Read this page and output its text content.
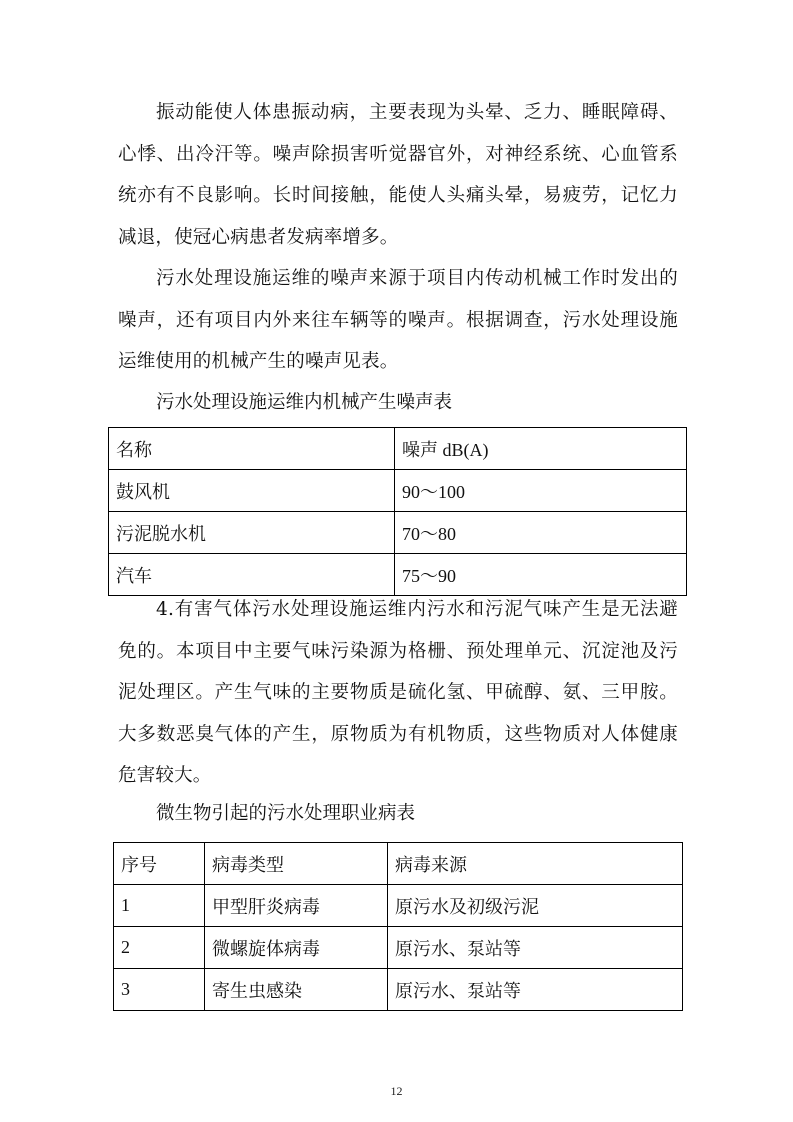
振动能使人体患振动病，主要表现为头晕、乏力、睡眠障碍、心悸、出冷汗等。噪声除损害听觉器官外，对神经系统、心血管系统亦有不良影响。长时间接触，能使人头痛头晕，易疲劳，记忆力减退，使冠心病患者发病率增多。

污水处理设施运维的噪声来源于项目内传动机械工作时发出的噪声，还有项目内外来往车辆等的噪声。根据调查，污水处理设施运维使用的机械产生的噪声见表。

污水处理设施运维内机械产生噪声表

名称	噪声 dB(A)
鼓风机	90～100
污泥脱水机	70～80
汽车	75～90

4.有害气体污水处理设施运维内污水和污泥气味产生是无法避免的。本项目中主要气味污染源为格栅、预处理单元、沉淀池及污泥处理区。产生气味的主要物质是硫化氢、甲硫醇、氨、三甲胺。大多数恶臭气体的产生，原物质为有机物质，这些物质对人体健康危害较大。

微生物引起的污水处理职业病表

序号	病毒类型	病毒来源
1	甲型肝炎病毒	原污水及初级污泥
2	微螺旋体病毒	原污水、泵站等
3	寄生虫感染	原污水、泵站等
12
